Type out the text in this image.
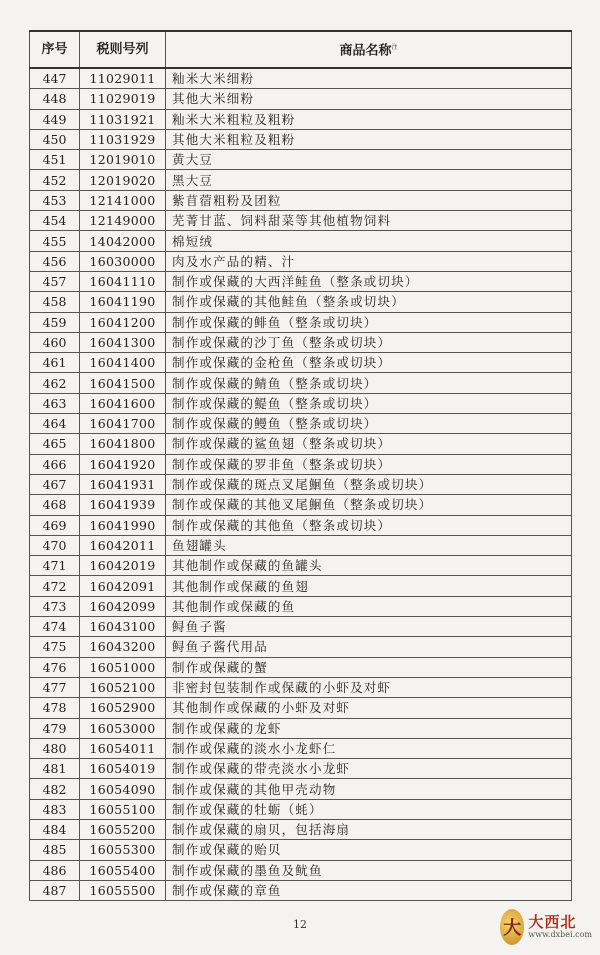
序号	税则号列	商品名称$^注$
447	11029011	籼米大米细粉
448	11029019	其他大米细粉
449	11031921	籼米大米粗粒及粗粉
450	11031929	其他大米粗粒及粗粉
451	12019010	黄大豆
452	12019020	黑大豆
453	12141000	紫苜蓿粗粉及团粒
454	12149000	芜菁甘蓝、饲料甜菜等其他植物饲料
455	14042000	棉短绒
456	16030000	肉及水产品的精、汁
457	16041110	制作或保藏的大西洋鲑鱼（整条或切块）
458	16041190	制作或保藏的其他鲑鱼（整条或切块）
459	16041200	制作或保藏的鲱鱼（整条或切块）
460	16041300	制作或保藏的沙丁鱼（整条或切块）
461	16041400	制作或保藏的金枪鱼（整条或切块）
462	16041500	制作或保藏的鲭鱼（整条或切块）
463	16041600	制作或保藏的鳀鱼（整条或切块）
464	16041700	制作或保藏的鳗鱼（整条或切块）
465	16041800	制作或保藏的鲨鱼翅（整条或切块）
466	16041920	制作或保藏的罗非鱼（整条或切块）
467	16041931	制作或保藏的斑点叉尾鮰鱼（整条或切块）
468	16041939	制作或保藏的其他叉尾鮰鱼（整条或切块）
469	16041990	制作或保藏的其他鱼（整条或切块）
470	16042011	鱼翅罐头
471	16042019	其他制作或保藏的鱼罐头
472	16042091	其他制作或保藏的鱼翅
473	16042099	其他制作或保藏的鱼
474	16043100	鲟鱼子酱
475	16043200	鲟鱼子酱代用品
476	16051000	制作或保藏的蟹
477	16052100	非密封包装制作或保藏的小虾及对虾
478	16052900	其他制作或保藏的小虾及对虾
479	16053000	制作或保藏的龙虾
480	16054011	制作或保藏的淡水小龙虾仁
481	16054019	制作或保藏的带壳淡水小龙虾
482	16054090	制作或保藏的其他甲壳动物
483	16055100	制作或保藏的牡蛎（蚝）
484	16055200	制作或保藏的扇贝，包括海扇
485	16055300	制作或保藏的贻贝
486	16055400	制作或保藏的墨鱼及鱿鱼
487	16055500	制作或保藏的章鱼
12	大 大西北
www.dxbei.com
